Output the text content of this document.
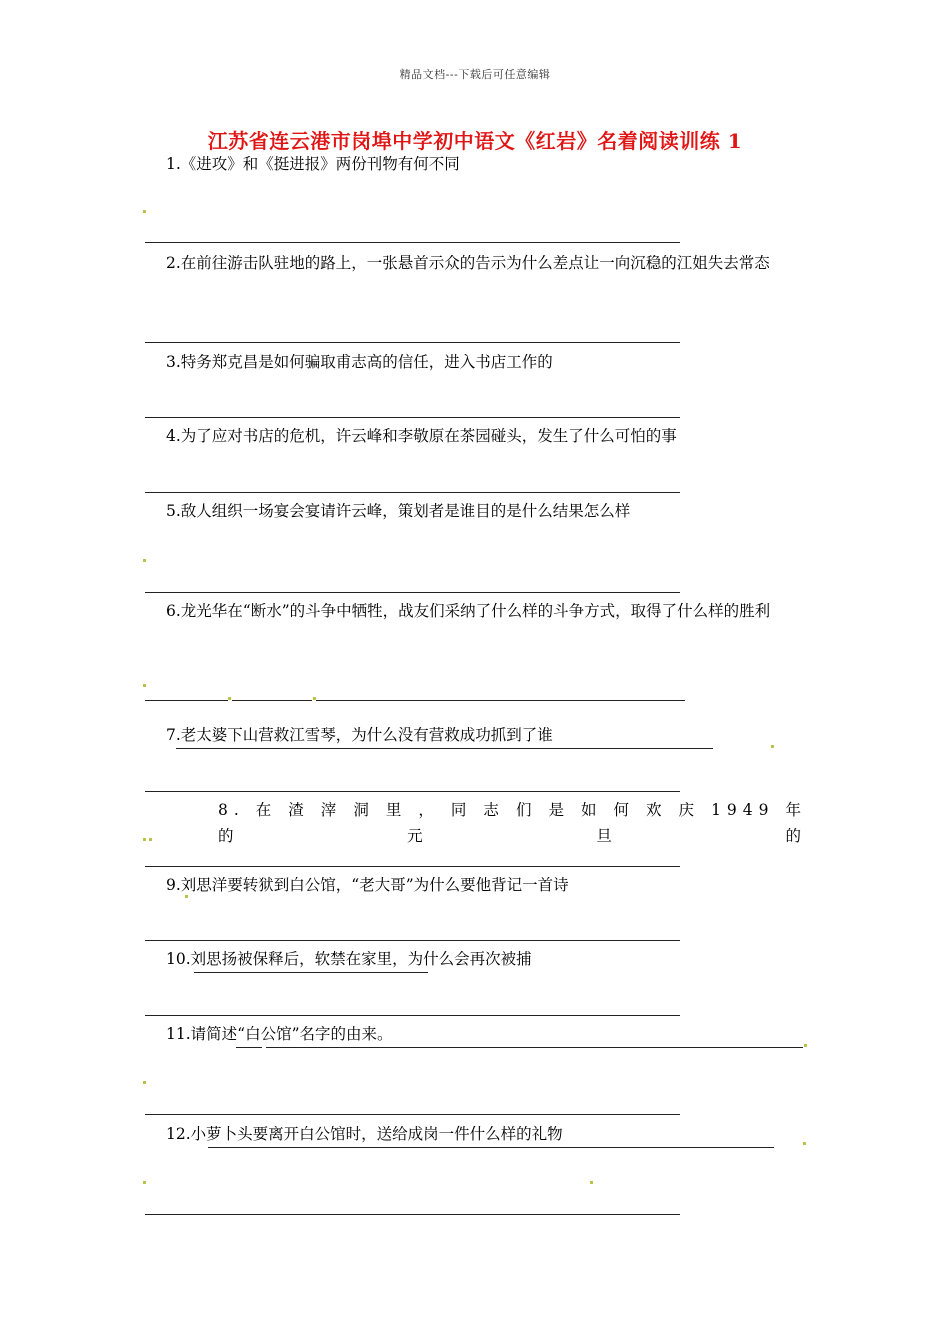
精品文档---下载后可任意编辑
江苏省连云港市岗埠中学初中语文《红岩》名着阅读训练 1
1.《进攻》和《挺进报》两份刊物有何不同
2.在前往游击队驻地的路上，一张悬首示众的告示为什么差点让一向沉稳的江姐失去常态
3.特务郑克昌是如何骗取甫志高的信任，进入书店工作的
4.为了应对书店的危机，许云峰和李敬原在茶园碰头，发生了什么可怕的事
5.敌人组织一场宴会宴请许云峰，策划者是谁目的是什么结果怎么样
6.龙光华在“断水”的斗争中牺牲，战友们采纳了什么样的斗争方式，取得了什么样的胜利
7.老太婆下山营救江雪琴，为什么没有营救成功抓到了谁
8. 在 渣 滓 洞 里 ， 同 志 们 是 如 何 欢 庆 1949 年 的 元 旦 的
9.刘思洋要转狱到白公馆，“老大哥”为什么要他背记一首诗
10.刘思扬被保释后，软禁在家里，为什么会再次被捕
11.请简述“白公馆”名字的由来。
12.小萝卜头要离开白公馆时，送给成岗一件什么样的礼物
